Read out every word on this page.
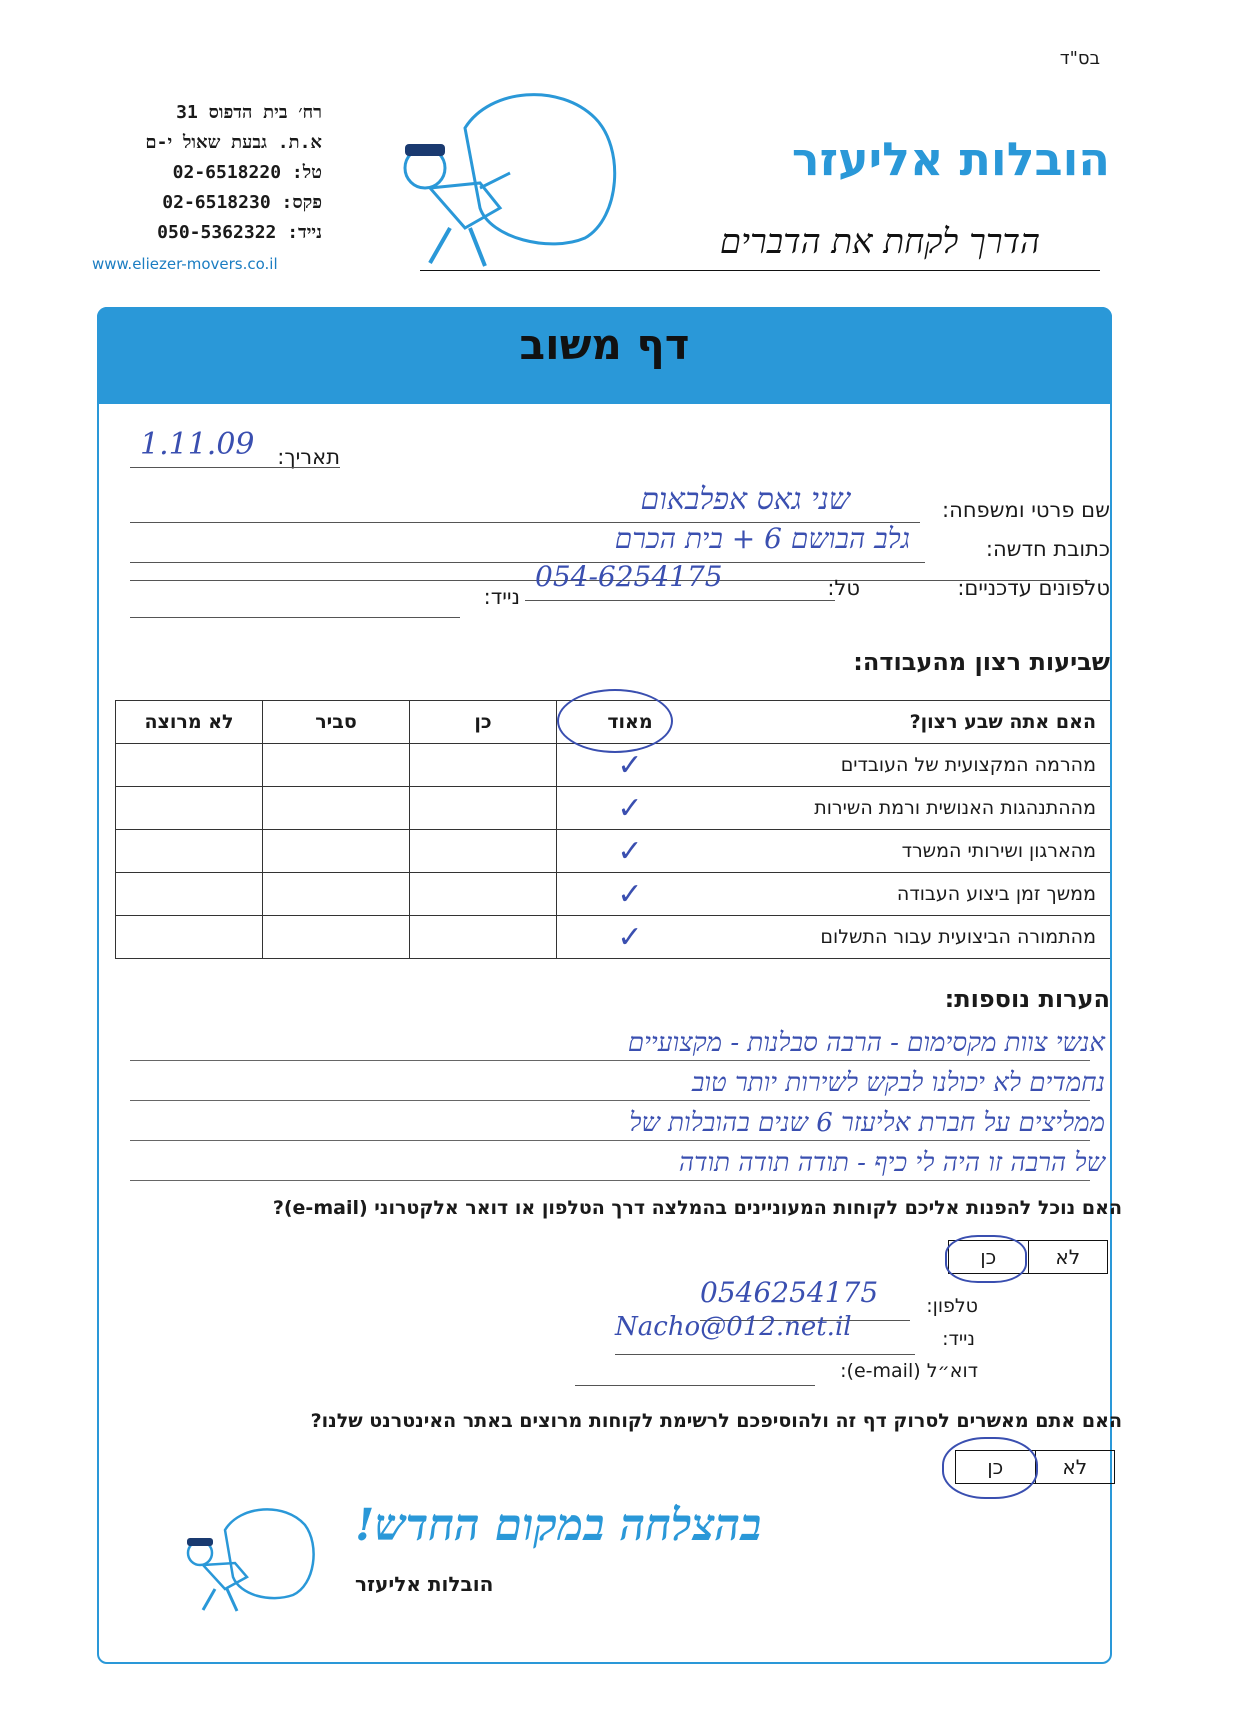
בס"ד
רח׳ בית הדפוס 31
א.ת. גבעת שאול י-ם
טל: 02-6518220
פקס: 02-6518230
נייד: 050-5362322
www.eliezer-movers.co.il
הובלות אליעזר
הדרך לקחת את הדברים
דף משוב
תאריך:
1.11.09
שם פרטי ומשפחה:
שני גאס אפלבאום
כתובת חדשה:
גלב הבושם 6 + בית הכרם
טלפונים עדכניים:
טל:
054-6254175
נייד:
שביעות רצון מהעבודה:
האם אתה שבע רצון?	מאוד	כן	סביר	לא מרוצה
מהרמה המקצועית של העובדים	✓			
מההתנהגות האנושית ורמת השירות	✓			
מהארגון ושירותי המשרד	✓			
ממשך זמן ביצוע העבודה	✓			
מהתמורה הביצועית עבור התשלום	✓			
הערות נוספות:
אנשי צוות מקסימום - הרבה סבלנות - מקצועיים
נחמדים לא יכולנו לבקש לשירות יותר טוב
ממליצים על חברת אליעזר 6 שנים בהובלות של
של הרבה זו היה לי כיף - תודה תודה תודה
האם נוכל להפנות אליכם לקוחות המעוניינים בהמלצה דרך הטלפון או דואר אלקטרוני (e-mail)?
לא
כן
טלפון:
0546254175
נייד:
Nacho@012.net.il
דוא״ל (e-mail):
האם אתם מאשרים לסרוק דף זה ולהוסיפכם לרשימת לקוחות מרוצים באתר האינטרנט שלנו?
לא
כן
בהצלחה במקום החדש!
הובלות אליעזר
